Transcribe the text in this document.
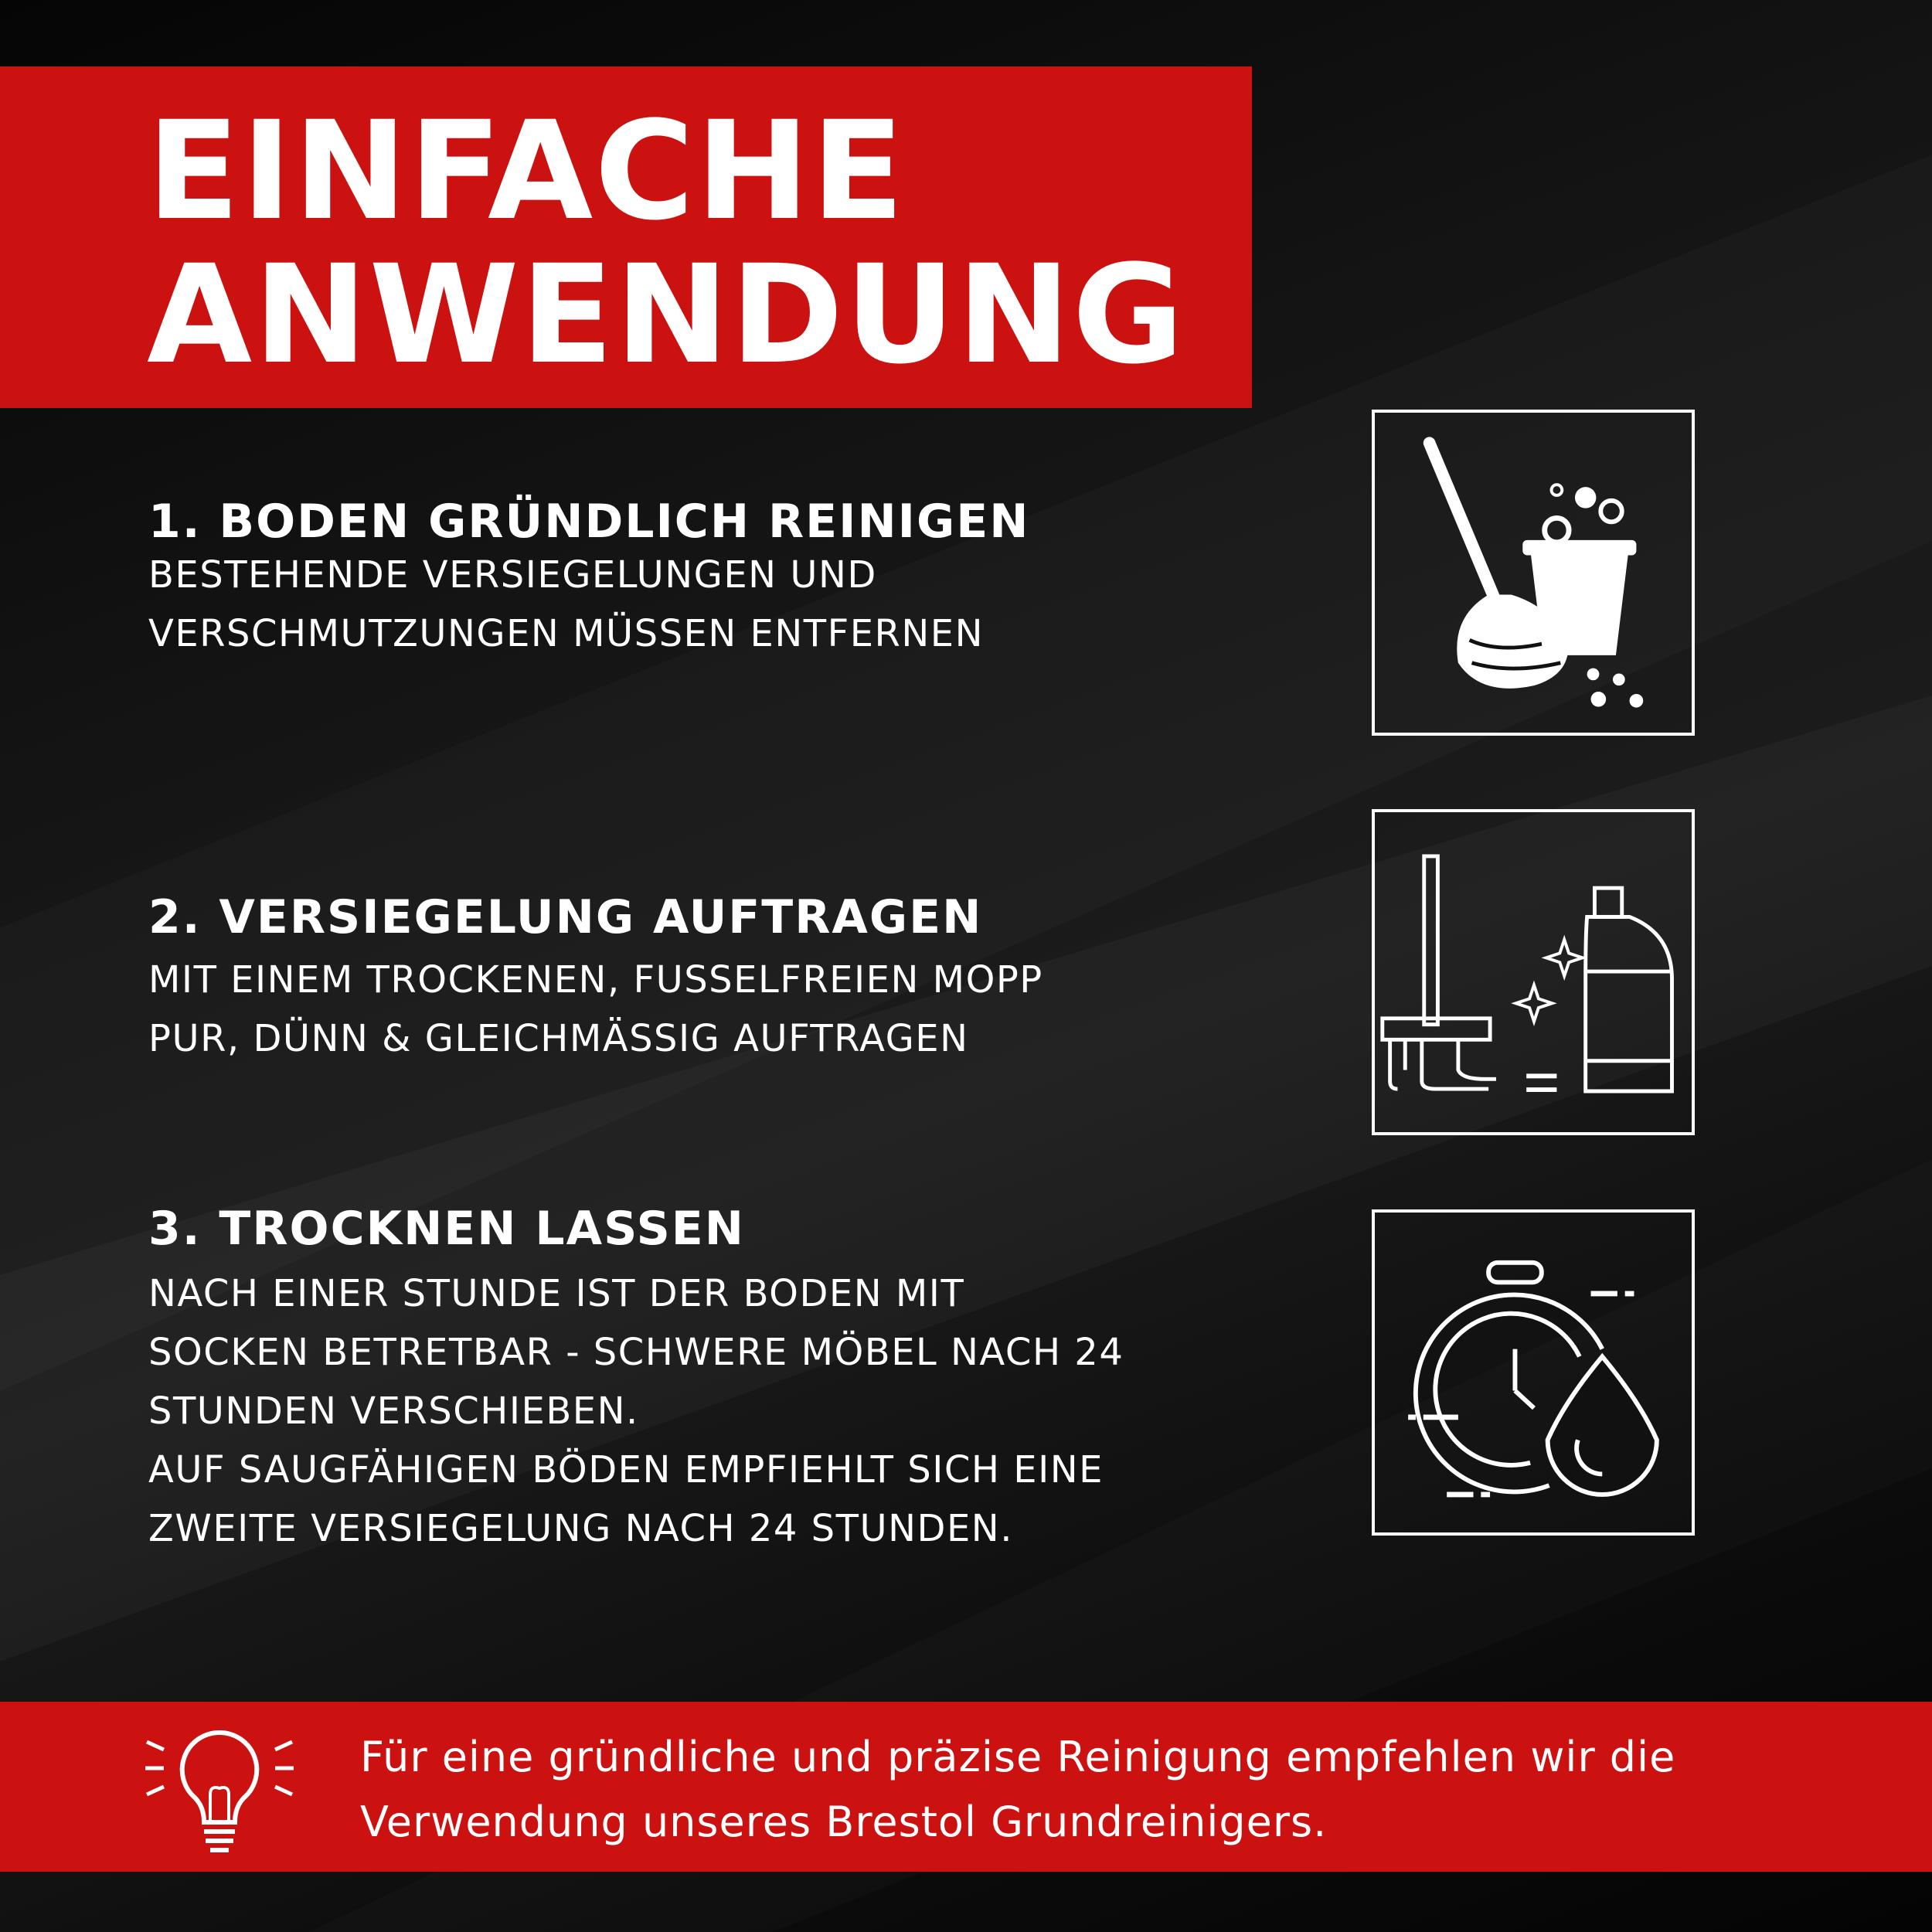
EINFACHE
ANWENDUNG
1. BODEN GRÜNDLICH REINIGEN

BESTEHENDE VERSIEGELUNGEN UND

VERSCHMUTZUNGEN MÜSSEN ENTFERNEN

2. VERSIEGELUNG AUFTRAGEN

MIT EINEM TROCKENEN, FUSSELFREIEN MOPP

PUR, DÜNN & GLEICHMÄSSIG AUFTRAGEN

3. TROCKNEN LASSEN

NACH EINER STUNDE IST DER BODEN MIT

SOCKEN BETRETBAR - SCHWERE MÖBEL NACH 24

STUNDEN VERSCHIEBEN.

AUF SAUGFÄHIGEN BÖDEN EMPFIEHLT SICH EINE

ZWEITE VERSIEGELUNG NACH 24 STUNDEN.

Für eine gründliche und präzise Reinigung empfehlen wir die
Verwendung unseres Brestol Grundreinigers.
